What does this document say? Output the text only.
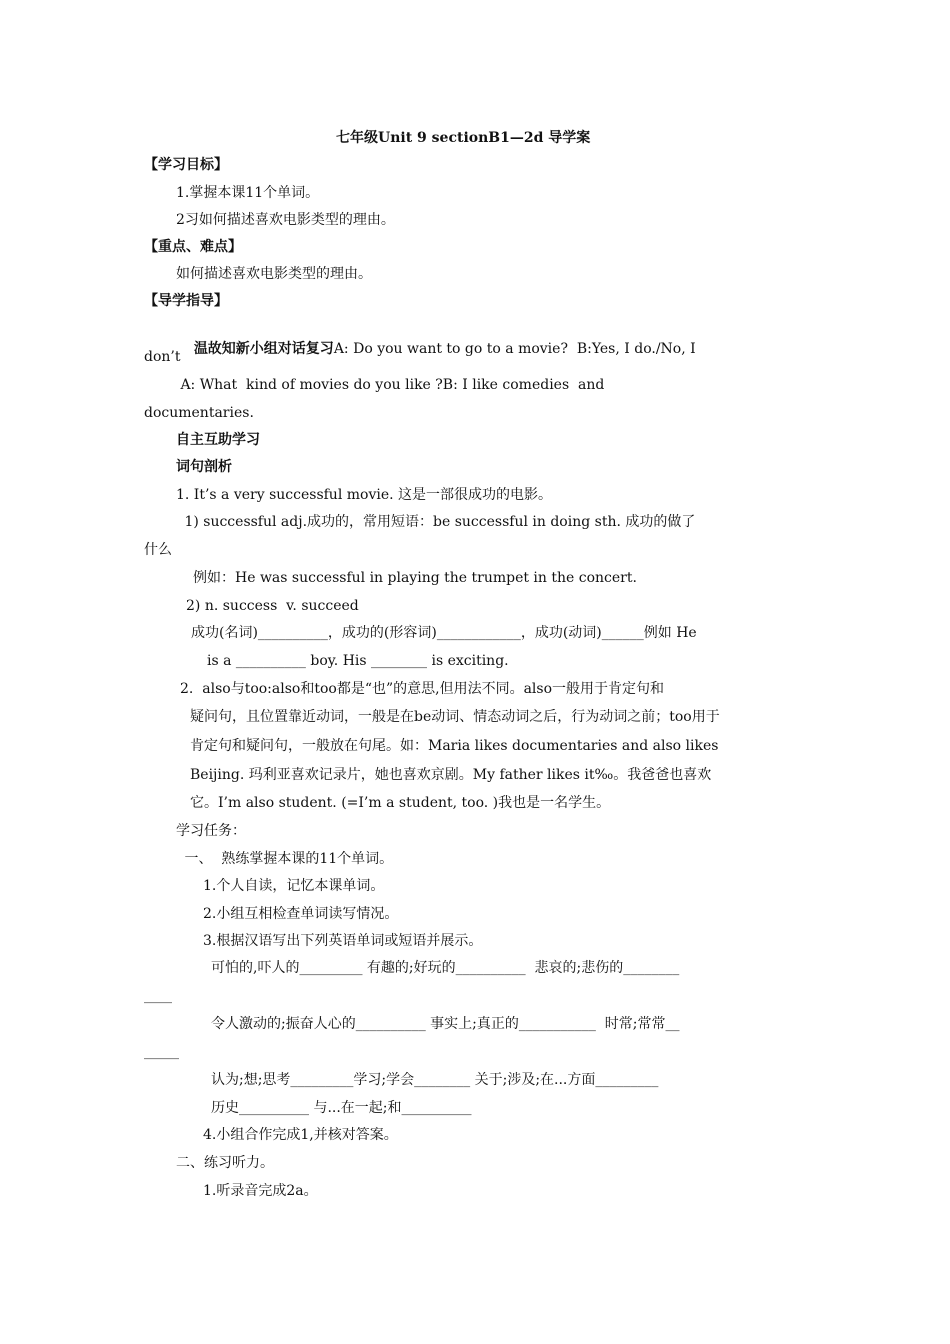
七年级Unit 9 sectionB1—2d 导学案
【学习目标】
1.掌握本课11个单词。
2习如何描述喜欢电影类型的理由。
【重点、难点】
如何描述喜欢电影类型的理由。
【导学指导】

温故知新小组对话复习A: Do you want to go to a movie?  B:Yes, I do./No, I

don’t
A: What  kind of movies do you like ?B: I like comedies  and
documentaries.
自主互助学习
词句剖析
1. It’s a very successful movie. 这是一部很成功的电影。
1) successful adj.成功的，常用短语：be successful in doing sth. 成功的做了
什么
例如：He was successful in playing the trumpet in the concert.
2) n. success  v. succeed
成功(名词)__________，成功的(形容词)____________，成功(动词)______例如 He
is a __________ boy. His ________ is exciting.
2.  also与too:also和too都是“也”的意思,但用法不同。also一般用于肯定句和
疑问句，且位置靠近动词，一般是在be动词、情态动词之后，行为动词之前；too用于
肯定句和疑问句，一般放在句尾。如：Maria likes documentaries and also likes
Beijing. 玛利亚喜欢记录片，她也喜欢京剧。My father likes it‰。我爸爸也喜欢
它。I’m also student. (=I’m a student, too. )我也是一名学生。
学习任务：
一、  熟练掌握本课的11个单词。
1.个人自读，记忆本课单词。
2.小组互相检查单词读写情况。
3.根据汉语写出下列英语单词或短语并展示。
可怕的,吓人的_________ 有趣的;好玩的__________  悲哀的;悲伤的________
____
令人激动的;振奋人心的__________ 事实上;真正的___________  时常;常常__
_____
认为;想;思考_________学习;学会________ 关于;涉及;在...方面_________
历史__________ 与...在一起;和__________
4.小组合作完成1,并核对答案。
二、练习听力。
1.听录音完成2a。
